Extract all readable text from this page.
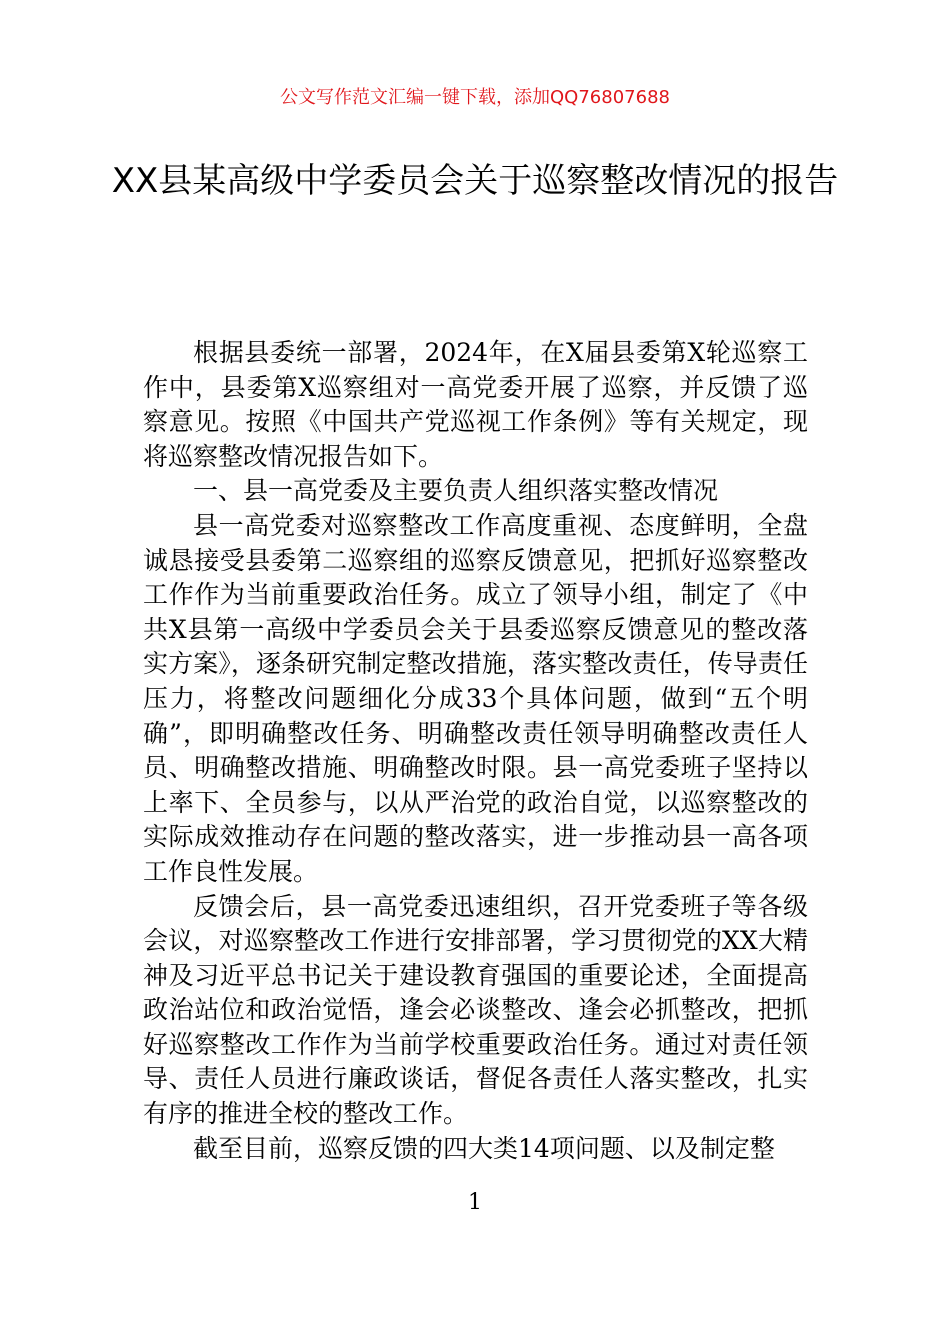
公文写作范文汇编一键下载，添加QQ76807688
XX县某高级中学委员会关于巡察整改情况的报告

根据县委统一部署，2024年，在X届县委第X轮巡察工作中，县委第X巡察组对一高党委开展了巡察，并反馈了巡察意见。按照《中国共产党巡视工作条例》等有关规定，现将巡察整改情况报告如下。

一、县一高党委及主要负责人组织落实整改情况

县一高党委对巡察整改工作高度重视、态度鲜明，全盘诚恳接受县委第二巡察组的巡察反馈意见，把抓好巡察整改工作作为当前重要政治任务。成立了领导小组，制定了《中共X县第一高级中学委员会关于县委巡察反馈意见的整改落实方案》，逐条研究制定整改措施，落实整改责任，传导责任压力，将整改问题细化分成33个具体问题，做到“五个明确”，即明确整改任务、明确整改责任领导明确整改责任人员、明确整改措施、明确整改时限。县一高党委班子坚持以上率下、全员参与，以从严治党的政治自觉，以巡察整改的实际成效推动存在问题的整改落实，进一步推动县一高各项工作良性发展。

反馈会后，县一高党委迅速组织，召开党委班子等各级会议，对巡察整改工作进行安排部署，学习贯彻党的XX大精神及习近平总书记关于建设教育强国的重要论述，全面提高政治站位和政治觉悟，逢会必谈整改、逢会必抓整改，把抓好巡察整改工作作为当前学校重要政治任务。通过对责任领导、责任人员进行廉政谈话，督促各责任人落实整改，扎实有序的推进全校的整改工作。

截至目前，巡察反馈的四大类14项问题、以及制定整

1
